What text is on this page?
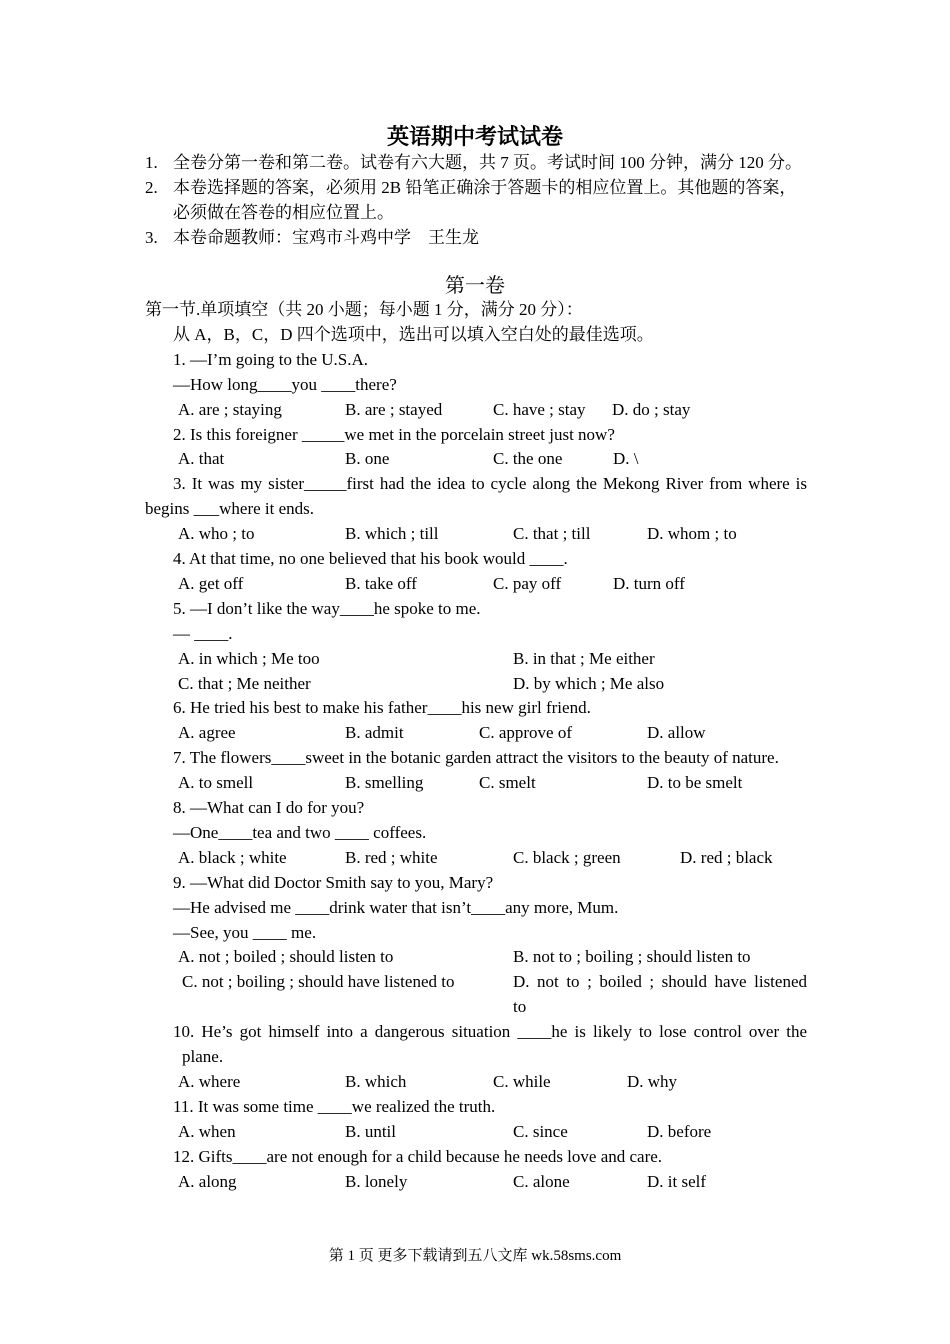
英语期中考试试卷
1. 全卷分第一卷和第二卷。试卷有六大题，共 7 页。考试时间 100 分钟，满分 120 分。
2. 本卷选择题的答案，必须用 2B 铅笔正确涂于答题卡的相应位置上。其他题的答案，必须做在答卷的相应位置上。
3. 本卷命题教师：宝鸡市斗鸡中学　王生龙
第一卷
第一节.单项填空（共 20 小题；每小题 1 分，满分 20 分）：
从 A，B，C，D 四个选项中，选出可以填入空白处的最佳选项。
1. —I’m going to the U.S.A.
—How long____you ____there?
A. are ; staying	B. are ; stayed	C. have ; stay D. do ; stay
2. Is this foreigner _____we met in the porcelain street just now?
A. that	B. one	C. the one	D. \
3. It was my sister_____first had the idea to cycle along the Mekong River from where is begins ___where it ends.
A. who ; to	B. which ; till	C. that ; till	D. whom ; to
4. At that time, no one believed that his book would ____.
A. get off	B. take off	C. pay off	D. turn off
5. —I don’t like the way____he spoke to me.
— ____.
A. in which ; Me too	B. in that ; Me either
C. that ; Me neither	D. by which ; Me also
6. He tried his best to make his father____his new girl friend.
A. agree	B. admit	C. approve of	D. allow
7. The flowers____sweet in the botanic garden attract the visitors to the beauty of nature.
A. to smell	B. smelling	C. smelt	D. to be smelt
8. —What can I do for you?
—One____tea and two ____ coffees.
A. black ; white	B. red ; white	C. black ; green	D. red ; black
9. —What did Doctor Smith say to you, Mary?
—He advised me ____drink water that isn’t____any more, Mum.
—See, you ____ me.
A. not ; boiled ; should listen to	B. not to ; boiling ; should listen to
C. not ; boiling ; should have listened to	D. not to ; boiled ; should have listened to
10. He’s got himself into a dangerous situation ____he is likely to lose control over the plane.
A. where	B. which	C. while	D. why
11. It was some time ____we realized the truth.
A. when	B. until	C. since	D. before
12. Gifts____are not enough for a child because he needs love and care.
A. along	B. lonely	C. alone	D. it self
第 1 页 更多下载请到五八文库 wk.58sms.com
